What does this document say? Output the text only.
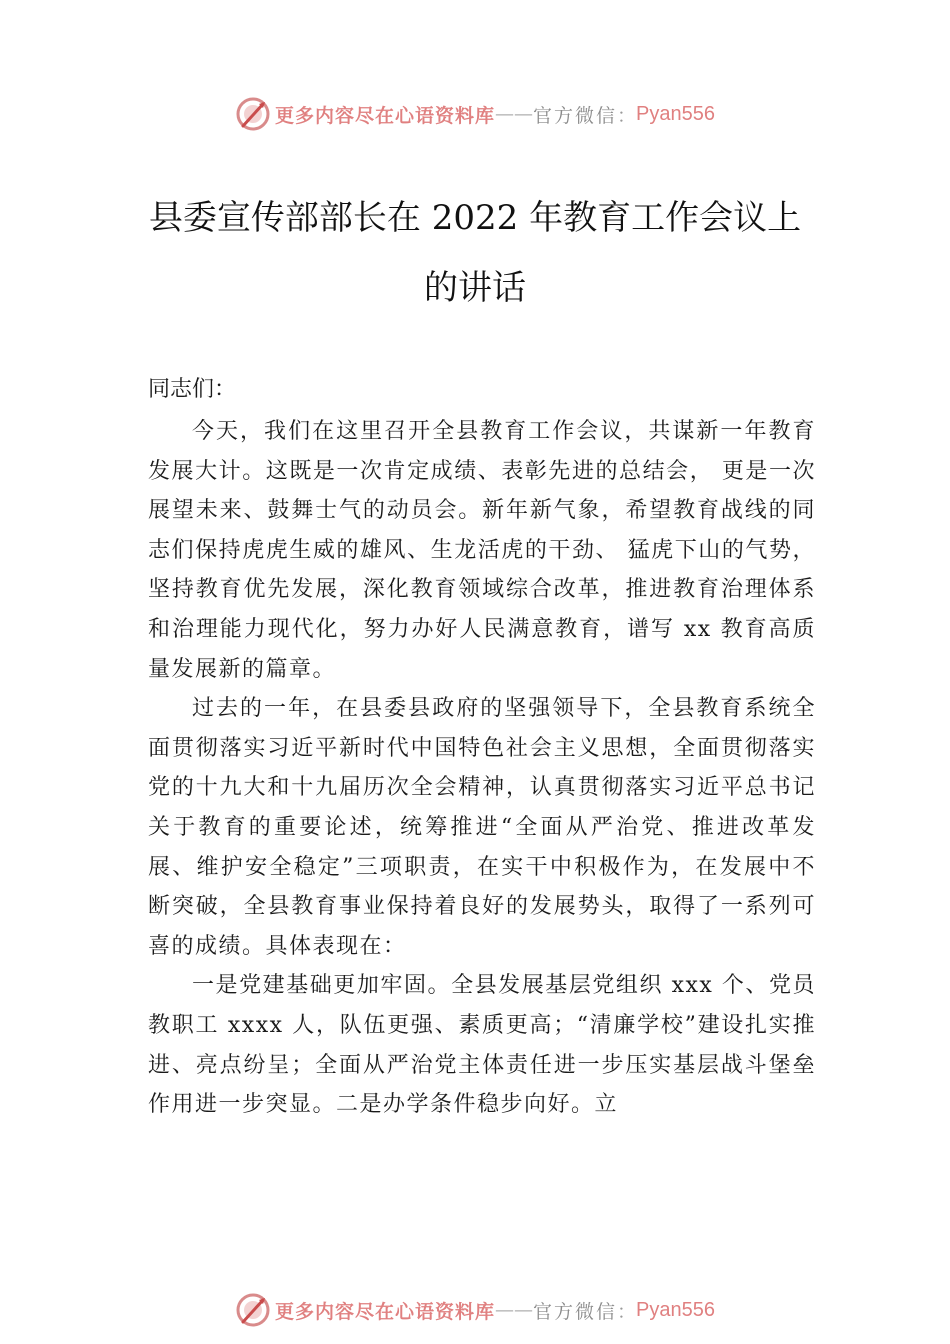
更多内容尽在心语资料库 —— 官方微信 ： Pyan556
县委宣传部部长在 2022 年教育工作会议上
的讲话
同志们：

今天，我们在这里召开全县教育工作会议，共谋新一年教育发展大计。这既是一次肯定成绩、表彰先进的总结会， 更是一次展望未来、鼓舞士气的动员会。新年新气象，希望教育战线的同志们保持虎虎生威的雄风、生龙活虎的干劲、 猛虎下山的气势，坚持教育优先发展，深化教育领域综合改革，推进教育治理体系和治理能力现代化，努力办好人民满意教育，谱写 xx 教育高质量发展新的篇章。

过去的一年，在县委县政府的坚强领导下，全县教育系统全面贯彻落实习近平新时代中国特色社会主义思想，全面贯彻落实党的十九大和十九届历次全会精神，认真贯彻落实习近平总书记关于教育的重要论述，统筹推进“全面从严治党、推进改革发展、维护安全稳定”三项职责，在实干中积极作为，在发展中不断突破，全县教育事业保持着良好的发展势头，取得了一系列可喜的成绩。具体表现在：

一是党建基础更加牢固。全县发展基层党组织 xxx 个、党员教职工 xxxx 人，队伍更强、素质更高；“清廉学校”建设扎实推进、亮点纷呈；全面从严治党主体责任进一步压实基层战斗堡垒作用进一步突显。二是办学条件稳步向好。立

更多内容尽在心语资料库 —— 官方微信 ： Pyan556
